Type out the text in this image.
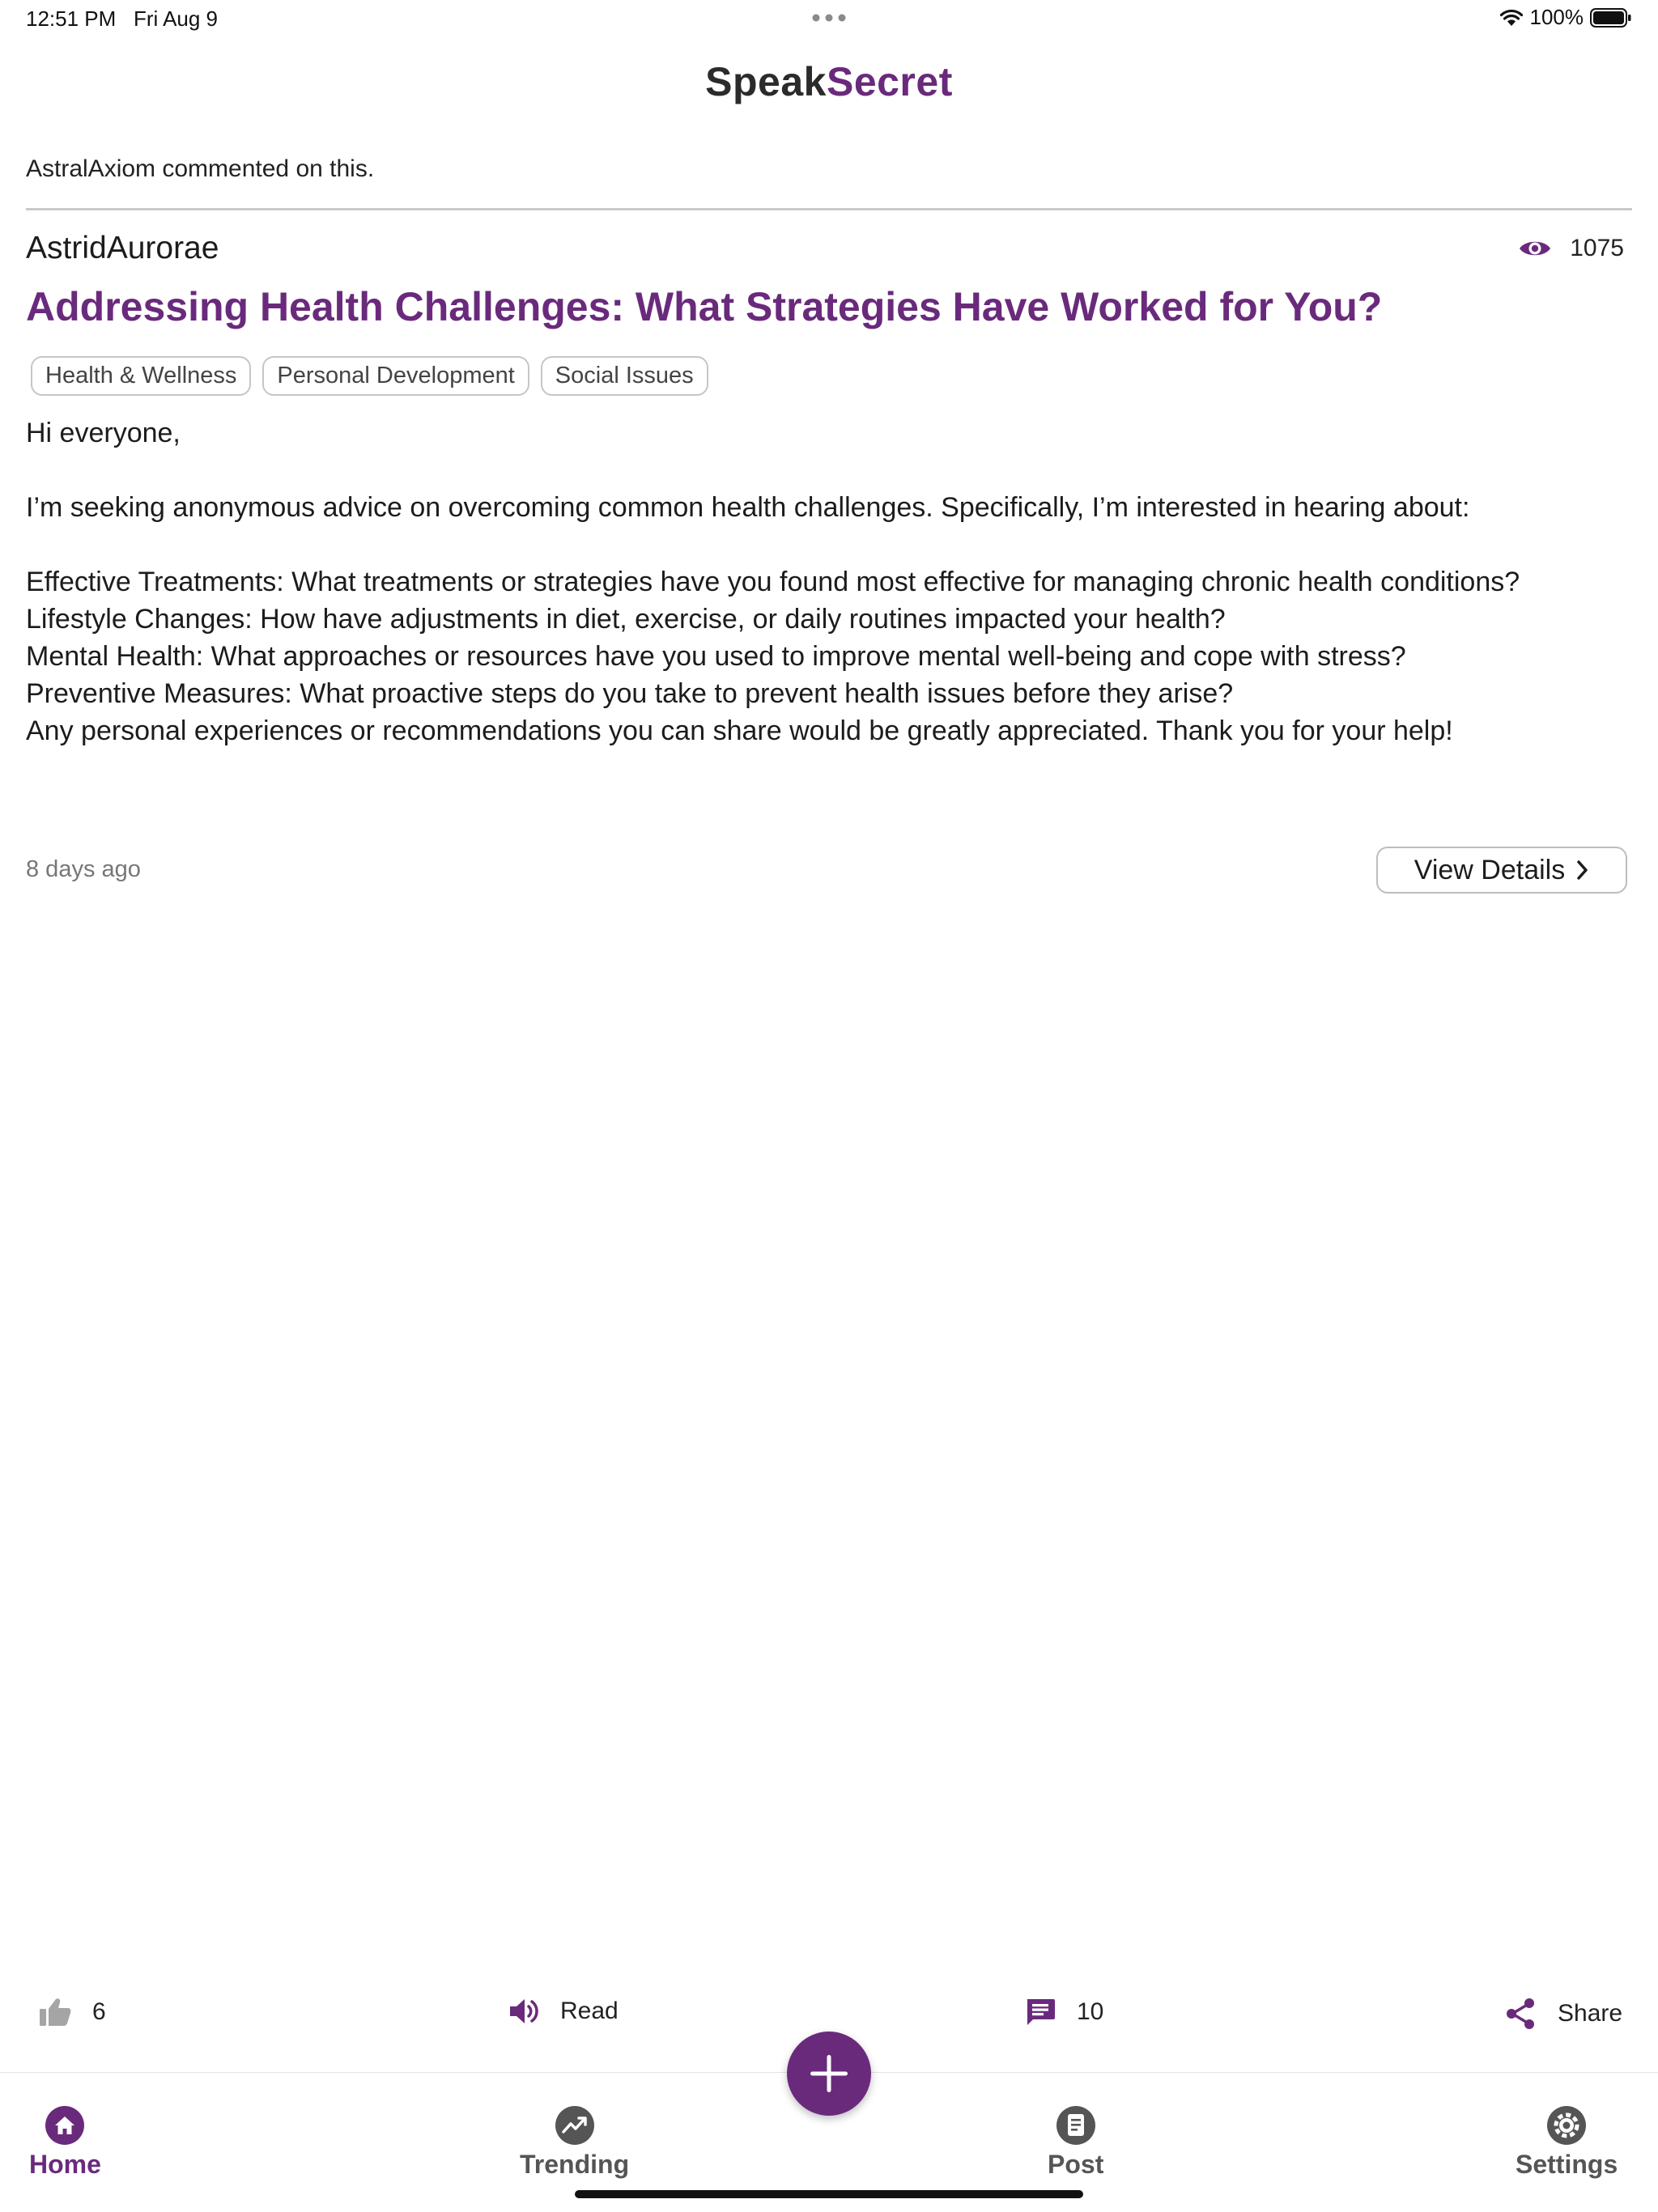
12:51 PM Fri Aug 9	100%
SpeakSecret
AstralAxiom commented on this.
AstridAurorae	1075
Addressing Health Challenges: What Strategies Have Worked for You?
Health & Wellness	Personal Development	Social Issues

Hi everyone,

I’m seeking anonymous advice on overcoming common health challenges. Specifically, I’m interested in hearing about:

Effective Treatments: What treatments or strategies have you found most effective for managing chronic health conditions?

Lifestyle Changes: How have adjustments in diet, exercise, or daily routines impacted your health?

Mental Health: What approaches or resources have you used to improve mental well-being and cope with stress?

Preventive Measures: What proactive steps do you take to prevent health issues before they arise?

Any personal experiences or recommendations you can share would be greatly appreciated. Thank you for your help!

8 days ago	View Details
6	Read	10	Share
Home	Trending	Post	Settings
